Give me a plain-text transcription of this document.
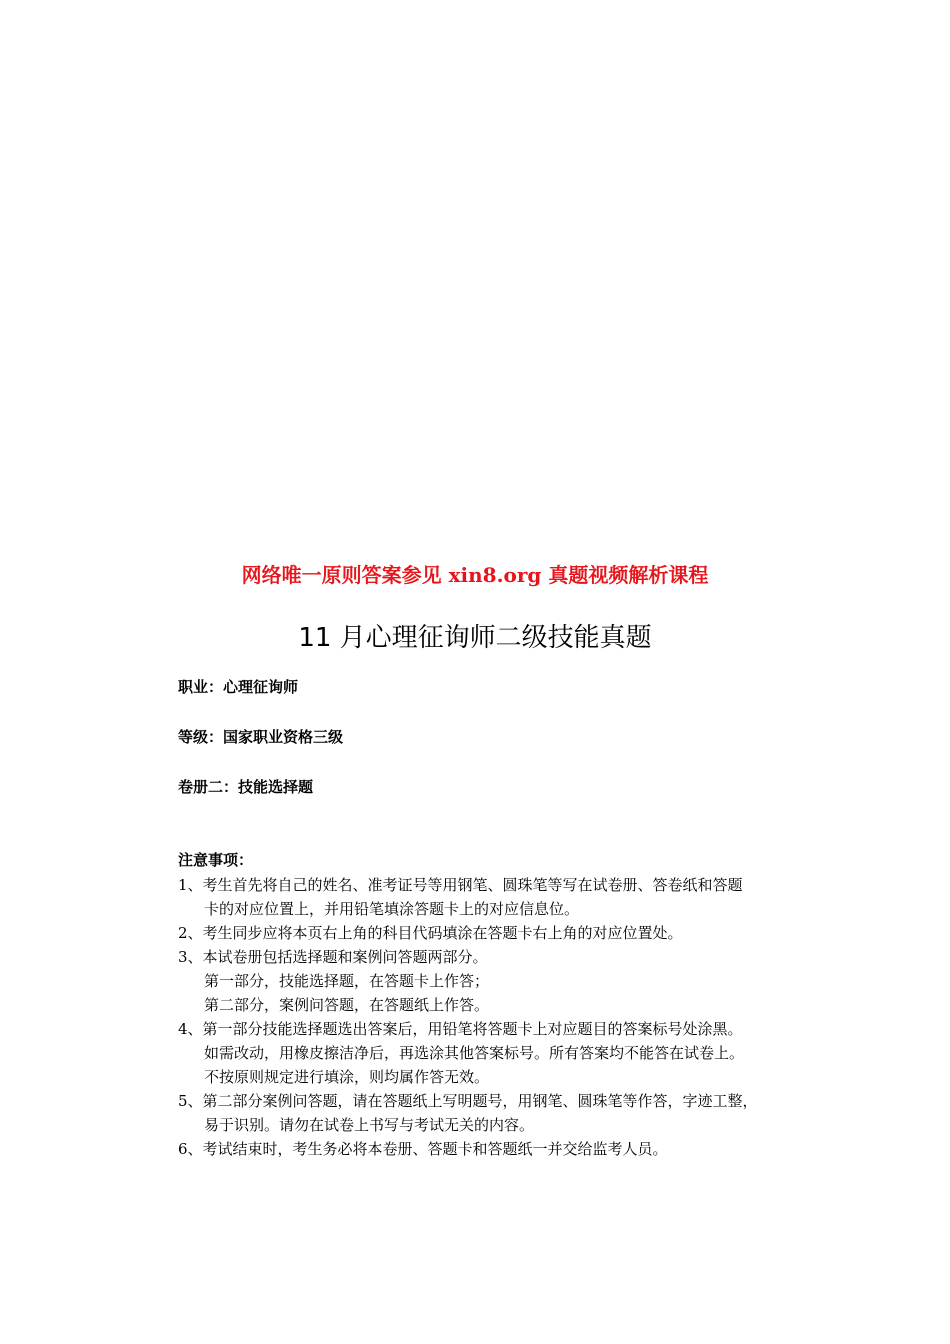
网络唯一原则答案参见 xin8.org 真题视频解析课程
11 月心理征询师二级技能真题
职业：心理征询师
等级：国家职业资格三级
卷册二：技能选择题
注意事项：
1、考生首先将自己的姓名、准考证号等用钢笔、圆珠笔等写在试卷册、答卷纸和答题
卡的对应位置上，并用铅笔填涂答题卡上的对应信息位。
2、考生同步应将本页右上角的科目代码填涂在答题卡右上角的对应位置处。
3、本试卷册包括选择题和案例问答题两部分。
第一部分，技能选择题，在答题卡上作答；
第二部分，案例问答题，在答题纸上作答。
4、第一部分技能选择题选出答案后，用铅笔将答题卡上对应题目的答案标号处涂黑。
如需改动，用橡皮擦洁净后，再选涂其他答案标号。所有答案均不能答在试卷上。
不按原则规定进行填涂，则均属作答无效。
5、第二部分案例问答题，请在答题纸上写明题号，用钢笔、圆珠笔等作答，字迹工整，
易于识别。请勿在试卷上书写与考试无关的内容。
6、考试结束时，考生务必将本卷册、答题卡和答题纸一并交给监考人员。
